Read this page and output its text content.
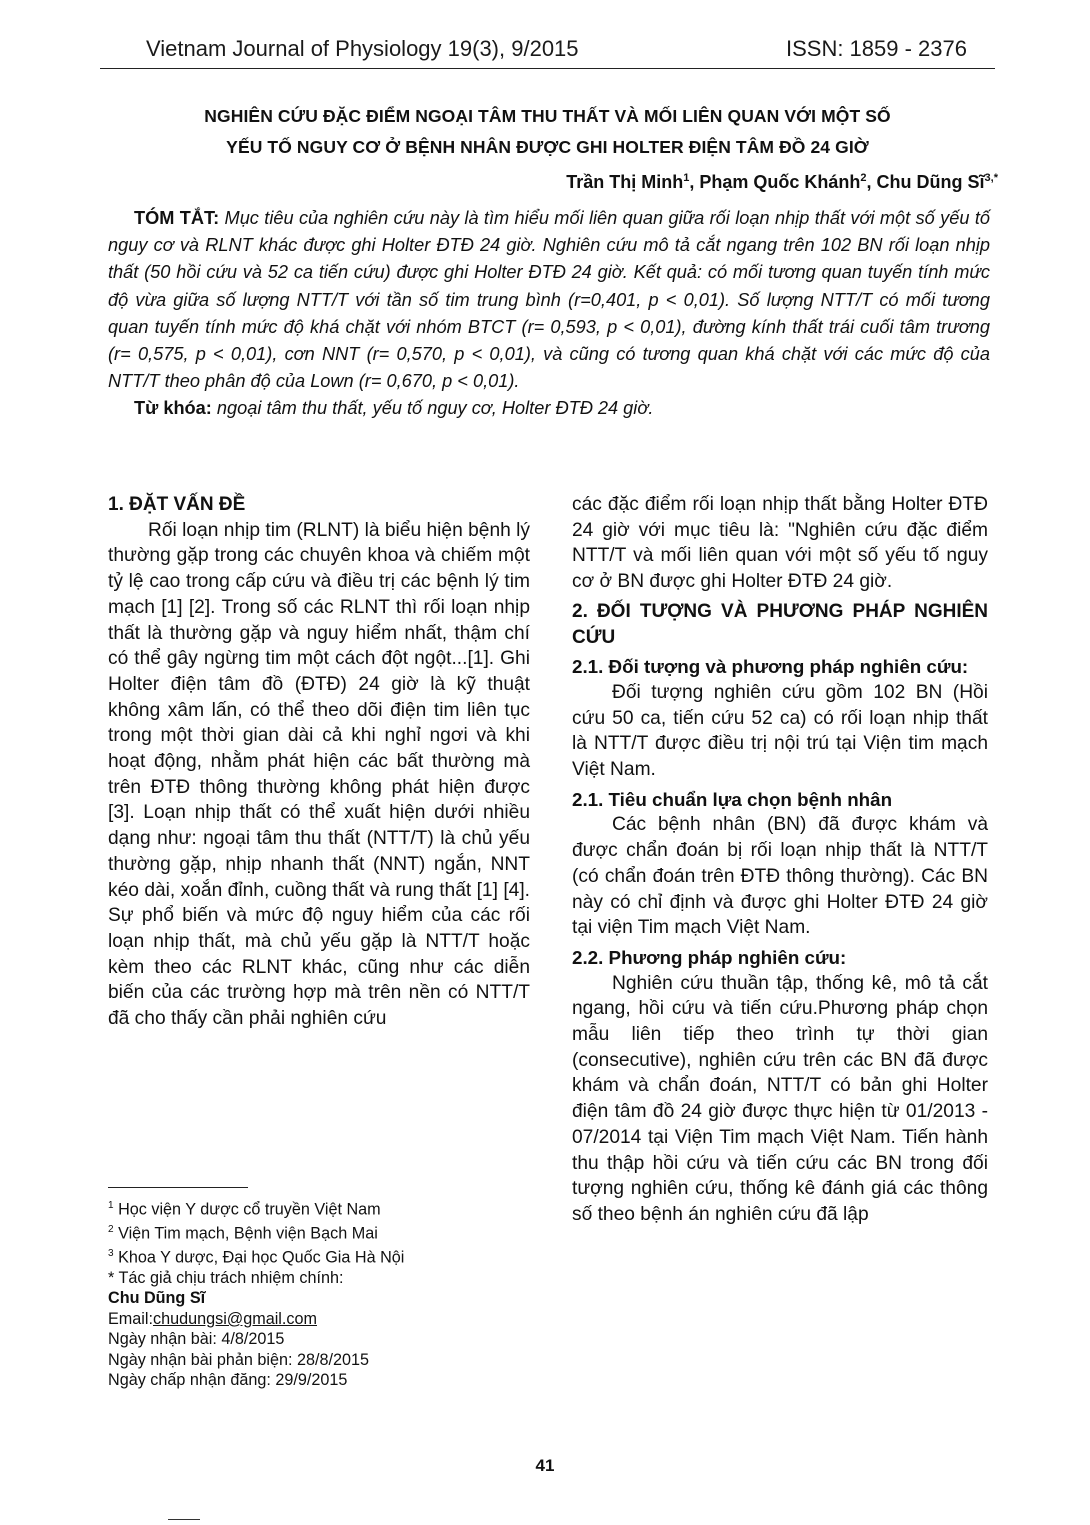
Vietnam Journal of Physiology 19(3), 9/2015	ISSN: 1859 - 2376
NGHIÊN CỨU ĐẶC ĐIỂM NGOẠI TÂM THU THẤT VÀ MỐI LIÊN QUAN VỚI MỘT SỐ
YẾU TỐ NGUY CƠ Ở BỆNH NHÂN ĐƯỢC GHI HOLTER ĐIỆN TÂM ĐỒ 24 GIỜ
Trần Thị Minh$^1$, Phạm Quốc Khánh$^2$, Chu Dũng $Sĩ^{3,*}$
TÓM TẮT: Mục tiêu của nghiên cứu này là tìm hiểu mối liên quan giữa rối loạn nhịp thất với một số yếu tố nguy cơ và RLNT khác được ghi Holter ĐTĐ 24 giờ. Nghiên cứu mô tả cắt ngang trên 102 BN rối loạn nhịp thất (50 hồi cứu và 52 ca tiến cứu) được ghi Holter ĐTĐ 24 giờ. Kết quả: có mối tương quan tuyến tính mức độ vừa giữa số lượng NTT/T với tần số tim trung bình (r=0,401, p < 0,01). Số lượng NTT/T có mối tương quan tuyến tính mức độ khá chặt với nhóm BTCT (r= 0,593, p < 0,01), đường kính thất trái cuối tâm trương (r= 0,575, p < 0,01), cơn NNT (r= 0,570, p < 0,01), và cũng có tương quan khá chặt với các mức độ của NTT/T theo phân độ của Lown (r= 0,670, p < 0,01).
Từ khóa: ngoại tâm thu thất, yếu tố nguy cơ, Holter ĐTĐ 24 giờ.
1. ĐẶT VẤN ĐỀ

Rối loạn nhịp tim (RLNT) là biểu hiện bệnh lý thường gặp trong các chuyên khoa và chiếm một tỷ lệ cao trong cấp cứu và điều trị các bệnh lý tim mạch [1] [2]. Trong số các RLNT thì rối loạn nhịp thất là thường gặp và nguy hiểm nhất, thậm chí có thể gây ngừng tim một cách đột ngột...[1]. Ghi Holter điện tâm đồ (ĐTĐ) 24 giờ là kỹ thuật không xâm lấn, có thể theo dõi điện tim liên tục trong một thời gian dài cả khi nghỉ ngơi và khi hoạt động, nhằm phát hiện các bất thường mà trên ĐTĐ thông thường không phát hiện được [3]. Loạn nhịp thất có thể xuất hiện dưới nhiều dạng như: ngoại tâm thu thất (NTT/T) là chủ yếu thường gặp, nhịp nhanh thất (NNT) ngắn, NNT kéo dài, xoắn đỉnh, cuồng thất và rung thất [1] [4]. Sự phổ biến và mức độ nguy hiểm của các rối loạn nhịp thất, mà chủ yếu gặp là NTT/T hoặc kèm theo các RLNT khác, cũng như các diễn biến của các trường hợp mà trên nền có NTT/T đã cho thấy cần phải nghiên cứu

các đặc điểm rối loạn nhịp thất bằng Holter ĐTĐ 24 giờ với mục tiêu là: "Nghiên cứu đặc điểm NTT/T và mối liên quan với một số yếu tố nguy cơ ở BN được ghi Holter ĐTĐ 24 giờ.

2. ĐỐI TƯỢNG VÀ PHƯƠNG PHÁP NGHIÊN CỨU
2.1. Đối tượng và phương pháp nghiên cứu:

Đối tượng nghiên cứu gồm 102 BN (Hồi cứu 50 ca, tiến cứu 52 ca) có rối loạn nhịp thất là NTT/T được điều trị nội trú tại Viện tim mạch Việt Nam.

2.1. Tiêu chuẩn lựa chọn bệnh nhân

Các bệnh nhân (BN) đã được khám và được chẩn đoán bị rối loạn nhịp thất là NTT/T (có chẩn đoán trên ĐTĐ thông thường). Các BN này có chỉ định và được ghi Holter ĐTĐ 24 giờ tại viện Tim mạch Việt Nam.

2.2. Phương pháp nghiên cứu:

Nghiên cứu thuần tập, thống kê, mô tả cắt ngang, hồi cứu và tiến cứu.Phương pháp chọn mẫu liên tiếp theo trình tự thời gian (consecutive), nghiên cứu trên các BN đã được khám và chẩn đoán, NTT/T có bản ghi Holter điện tâm đồ 24 giờ được thực hiện từ 01/2013 - 07/2014 tại Viện Tim mạch Việt Nam. Tiến hành thu thập hồi cứu và tiến cứu các BN trong đối tượng nghiên cứu, thống kê đánh giá các thông số theo bệnh án nghiên cứu đã lập

$^1$ Học viện Y dược cổ truyền Việt Nam
$^2$ Viện Tim mạch, Bệnh viện Bạch Mai
$^3$ Khoa Y dược, Đại học Quốc Gia Hà Nội
* Tác giả chịu trách nhiệm chính:
Chu Dũng Sĩ
Email:chudungsi@gmail.com
Ngày nhận bài: 4/8/2015
Ngày nhận bài phản biện: 28/8/2015
Ngày chấp nhận đăng: 29/9/2015
41
